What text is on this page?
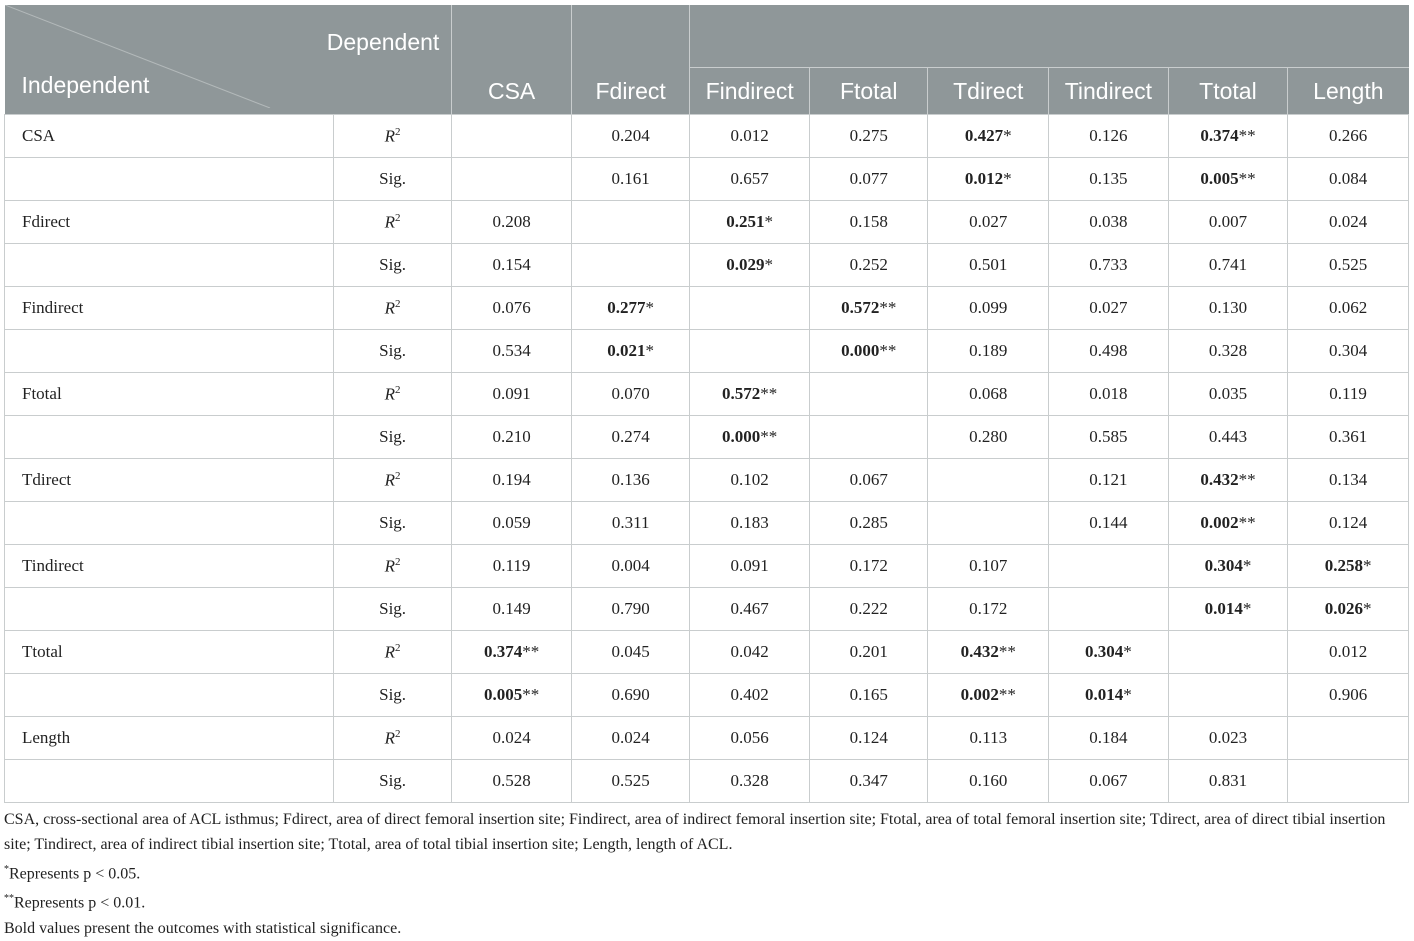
Dependent
Independent									

		CSA	Fdirect	Findirect	Ftotal	Tdirect	Tindirect	Ttotal	Length
CSA	$R^2$		0.204	0.012	0.275	0.427*	0.126	0.374**	0.266
	Sig.		0.161	0.657	0.077	0.012*	0.135	0.005**	0.084
Fdirect	$R^2$	0.208		0.251*	0.158	0.027	0.038	0.007	0.024
	Sig.	0.154		0.029*	0.252	0.501	0.733	0.741	0.525
Findirect	$R^2$	0.076	0.277*		0.572**	0.099	0.027	0.130	0.062
	Sig.	0.534	0.021*		0.000**	0.189	0.498	0.328	0.304
Ftotal	$R^2$	0.091	0.070	0.572**		0.068	0.018	0.035	0.119
	Sig.	0.210	0.274	0.000**		0.280	0.585	0.443	0.361
Tdirect	$R^2$	0.194	0.136	0.102	0.067		0.121	0.432**	0.134
	Sig.	0.059	0.311	0.183	0.285		0.144	0.002**	0.124
Tindirect	$R^2$	0.119	0.004	0.091	0.172	0.107		0.304*	0.258*
	Sig.	0.149	0.790	0.467	0.222	0.172		0.014*	0.026*
Ttotal	$R^2$	0.374**	0.045	0.042	0.201	0.432**	0.304*		0.012
	Sig.	0.005**	0.690	0.402	0.165	0.002**	0.014*		0.906
Length	$R^2$	0.024	0.024	0.056	0.124	0.113	0.184	0.023	
	Sig.	0.528	0.525	0.328	0.347	0.160	0.067	0.831	

CSA, cross-sectional area of ACL isthmus; Fdirect, area of direct femoral insertion site; Findirect, area of indirect femoral insertion site; Ftotal, area of total femoral insertion site; Tdirect, area of direct tibial insertion site; Tindirect, area of indirect tibial insertion site; Ttotal, area of total tibial insertion site; Length, length of ACL.

*Represents p < 0.05.

**Represents p < 0.01.

Bold values present the outcomes with statistical significance.
